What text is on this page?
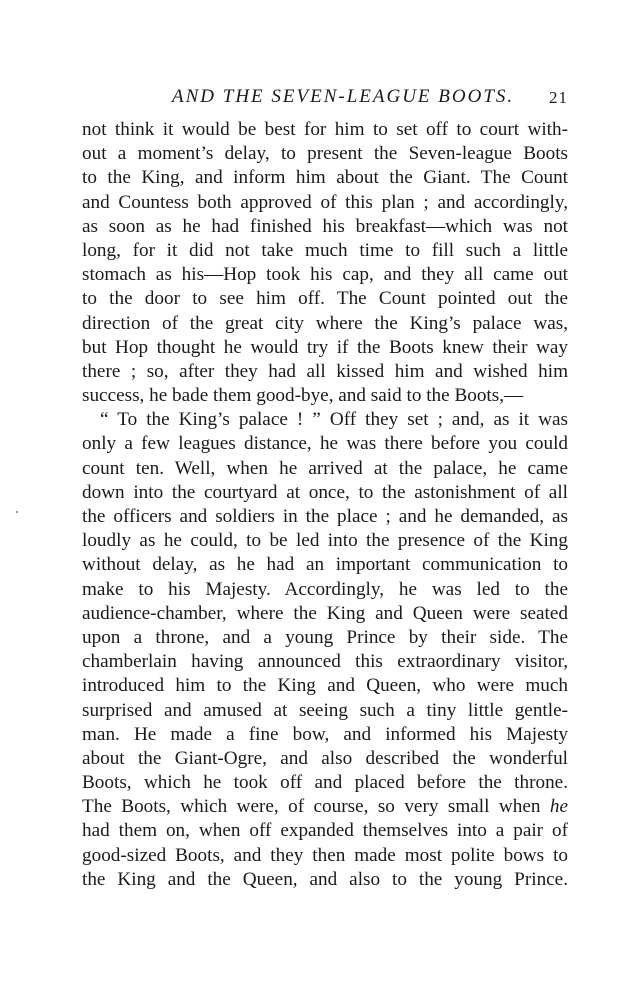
AND THE SEVEN-LEAGUE BOOTS. 21
not think it would be best for him to set off to court with-
out a moment’s delay, to present the Seven-league Boots
to the King, and inform him about the Giant. The Count
and Countess both approved of this plan ; and accordingly,
as soon as he had finished his breakfast—which was not
long, for it did not take much time to fill such a little
stomach as his—Hop took his cap, and they all came out
to the door to see him off. The Count pointed out the
direction of the great city where the King’s palace was,
but Hop thought he would try if the Boots knew their way
there ; so, after they had all kissed him and wished him
success, he bade them good-bye, and said to the Boots,—
“ To the King’s palace ! ” Off they set ; and, as it was
only a few leagues distance, he was there before you could
count ten. Well, when he arrived at the palace, he came
down into the courtyard at once, to the astonishment of all
the officers and soldiers in the place ; and he demanded, as
loudly as he could, to be led into the presence of the King
without delay, as he had an important communication to
make to his Majesty. Accordingly, he was led to the
audience-chamber, where the King and Queen were seated
upon a throne, and a young Prince by their side. The
chamberlain having announced this extraordinary visitor,
introduced him to the King and Queen, who were much
surprised and amused at seeing such a tiny little gentle-
man. He made a fine bow, and informed his Majesty
about the Giant-Ogre, and also described the wonderful
Boots, which he took off and placed before the throne.
The Boots, which were, of course, so very small when he
had them on, when off expanded themselves into a pair of
good-sized Boots, and they then made most polite bows to
the King and the Queen, and also to the young Prince.
